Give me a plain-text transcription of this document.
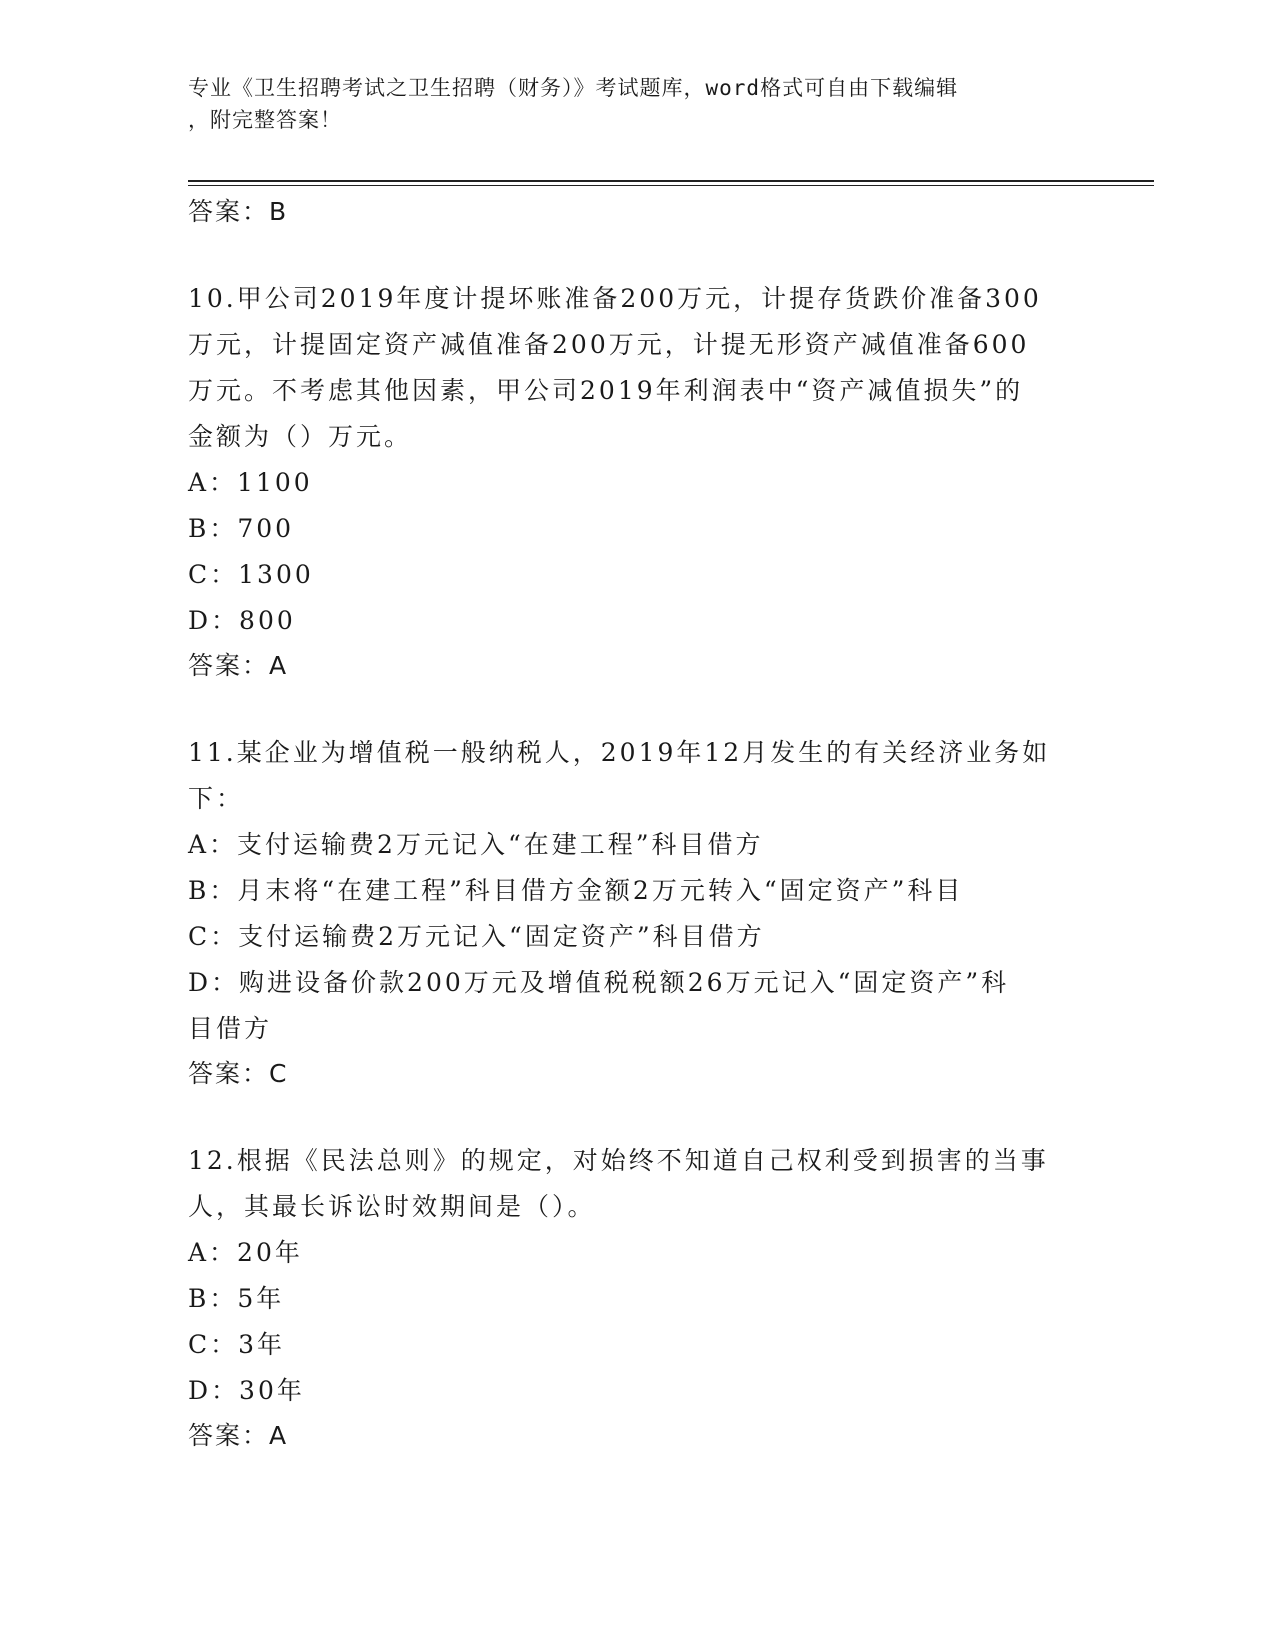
专业《卫生招聘考试之卫生招聘（财务）》考试题库，word格式可自由下载编辑
，附完整答案！

答案：B

10.甲公司2019年度计提坏账准备200万元，计提存货跌价准备300

万元，计提固定资产减值准备200万元，计提无形资产减值准备600

万元。不考虑其他因素，甲公司2019年利润表中“资产减值损失”的

金额为（）万元。

A：1100

B：700

C：1300

D：800

答案：A

11.某企业为增值税一般纳税人，2019年12月发生的有关经济业务如

下：

A：支付运输费2万元记入“在建工程”科目借方

B：月末将“在建工程”科目借方金额2万元转入“固定资产”科目

C：支付运输费2万元记入“固定资产”科目借方

D：购进设备价款200万元及增值税税额26万元记入“固定资产”科

目借方

答案：C

12.根据《民法总则》的规定，对始终不知道自己权利受到损害的当事

人，其最长诉讼时效期间是（）。

A：20年

B：5年

C：3年

D：30年

答案：A
